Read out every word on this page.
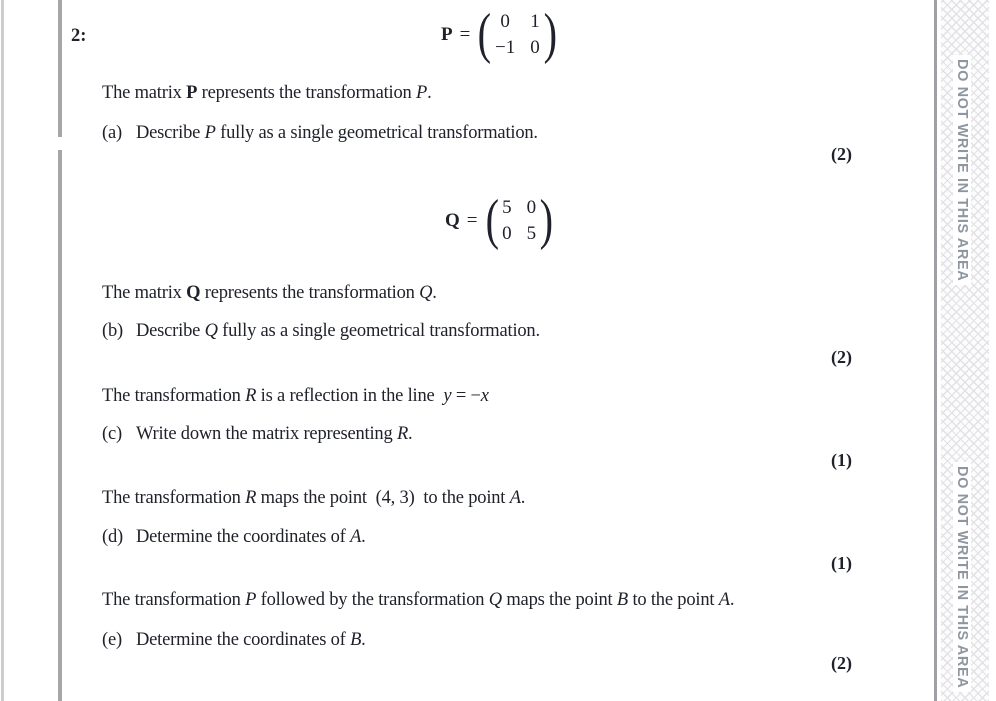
2:	P = ( 0 1
−1 0 )
The matrix P represents the transformation P.
(a) Describe P fully as a single geometrical transformation.
(2)
Q = ( 5 0
0 5 )
The matrix Q represents the transformation Q.
(b) Describe Q fully as a single geometrical transformation.
(2)
The transformation R is a reflection in the line  y = −x
(c) Write down the matrix representing R.
(1)
The transformation R maps the point  (4, 3)  to the point A.
(d) Determine the coordinates of A.
(1)
The transformation P followed by the transformation Q maps the point B to the point A.
(e) Determine the coordinates of B.
(2)
DO NOT WRITE IN THIS AREA
DO NOT WRITE IN THIS AREA
